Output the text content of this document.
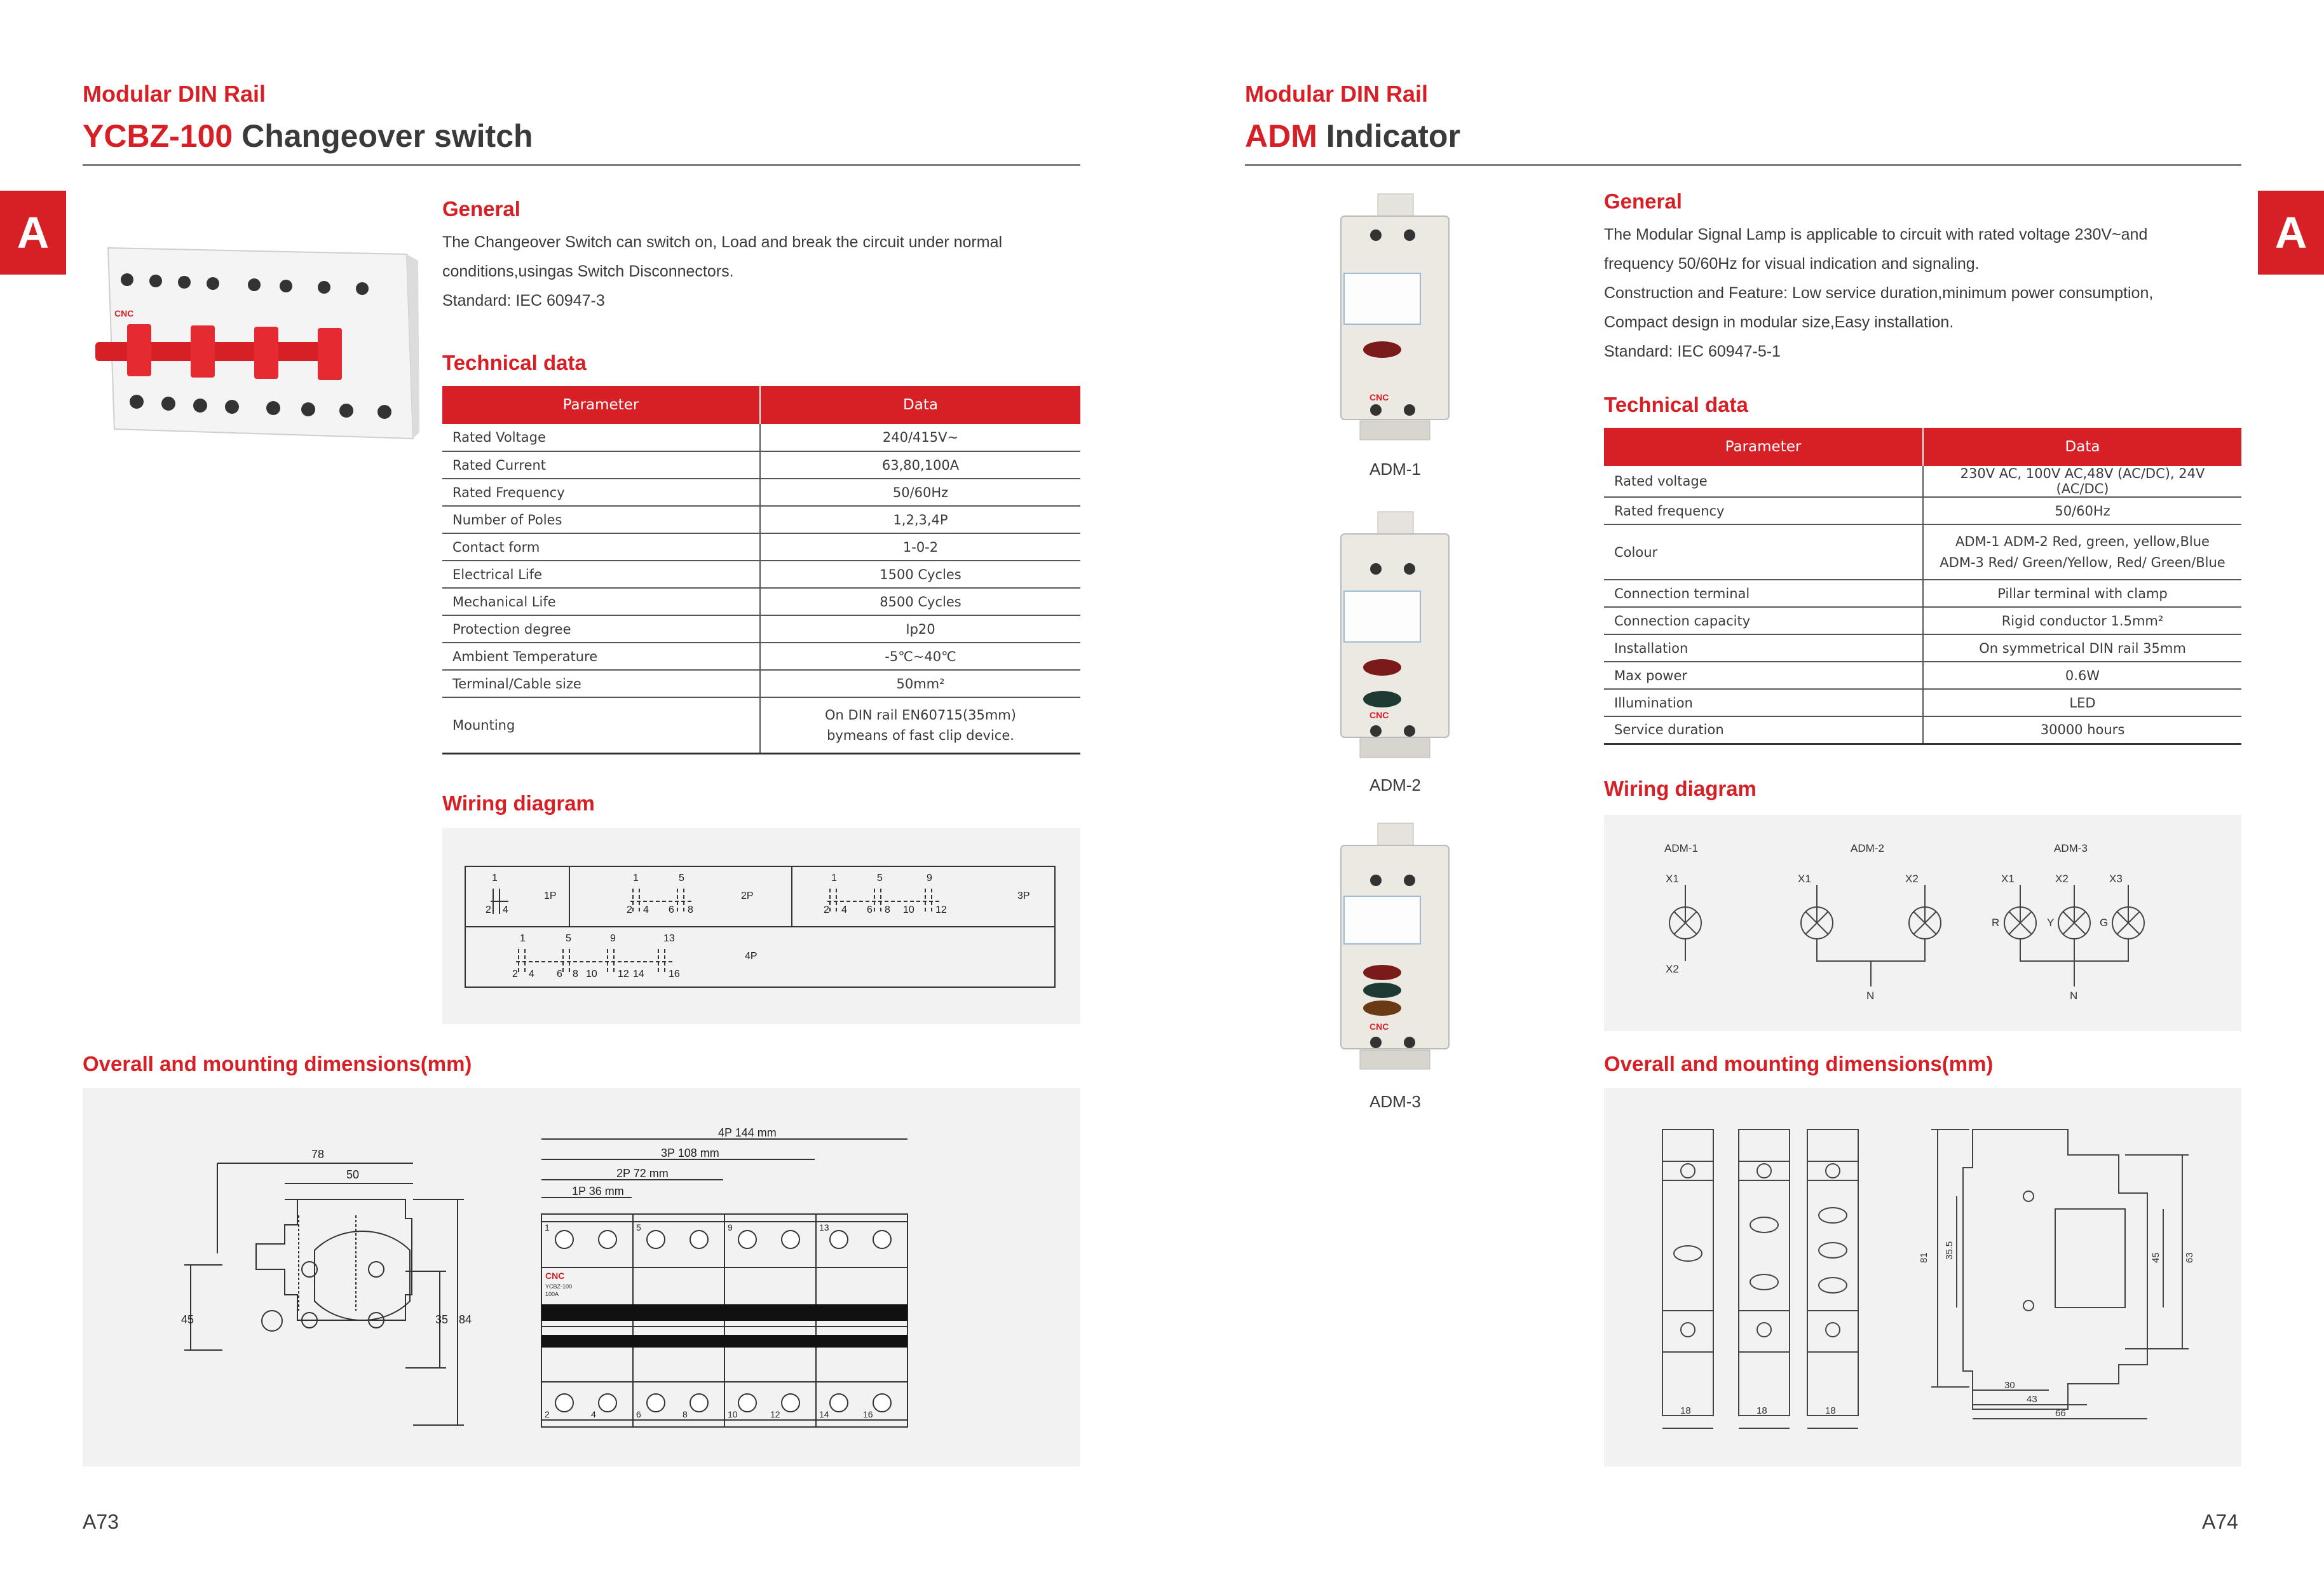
Modular DIN Rail
YCBZ-100 Changeover switch
A
CNC
General
The Changeover Switch can switch on, Load and break the circuit under normal
conditions,usingas Switch Disconnectors.
Standard: IEC 60947-3
Technical data
Parameter	Data
Rated Voltage	240/415V~
Rated Current	63,80,100A
Rated Frequency	50/60Hz
Number of Poles	1,2,3,4P
Contact form	1-0-2
Electrical Life	1500 Cycles
Mechanical Life	8500 Cycles
Protection degree	Ip20
Ambient Temperature	-5℃~40℃
Terminal/Cable size	50mm²
Mounting	On DIN rail EN60715(35mm)
bymeans of fast clip device.
Wiring diagram
1
2 4
1P
1	5
2 4 6 8
2P
1	5	9
2 4 6 8 10 12
3P
1	5	9	13
2 4 6 8 10 12 14 16
4P
Overall and mounting dimensions(mm)
78
50
45	35 84
4P 144 mm
3P 108 mm
2P 72 mm
1P 36 mm
1	5	9	13
2	4	6	8	10	12	14	16
CNC
YCBZ-100
100A
A73
Modular DIN Rail
ADM Indicator
A
CNC
ADM-1
CNC
ADM-2
CNC
ADM-3
General
The Modular Signal Lamp is applicable to circuit with rated voltage 230V~and
frequency 50/60Hz for visual indication and signaling.
Construction and Feature: Low service duration,minimum power consumption,
Compact design in modular size,Easy installation.
Standard: IEC 60947-5-1
Technical data
Parameter	Data
Rated voltage	230V AC, 100V AC,48V (AC/DC), 24V (AC/DC)
Rated frequency	50/60Hz
Colour	ADM-1 ADM-2 Red, green, yellow,Blue
ADM-3 Red/ Green/Yellow, Red/ Green/Blue

Connection terminal	Pillar terminal with clamp
Connection capacity	Rigid conductor 1.5mm²
Installation	On symmetrical DIN rail 35mm
Max power	0.6W
Illumination	LED
Service duration	30000 hours
Wiring diagram
ADM-1	ADM-2	ADM-3
X1
X2
X1	X2
N
X1	X2	X3
R	Y	G
N
Overall and mounting dimensions(mm)
18	18	18
81 35.5	45 63
30
43
66
A74
